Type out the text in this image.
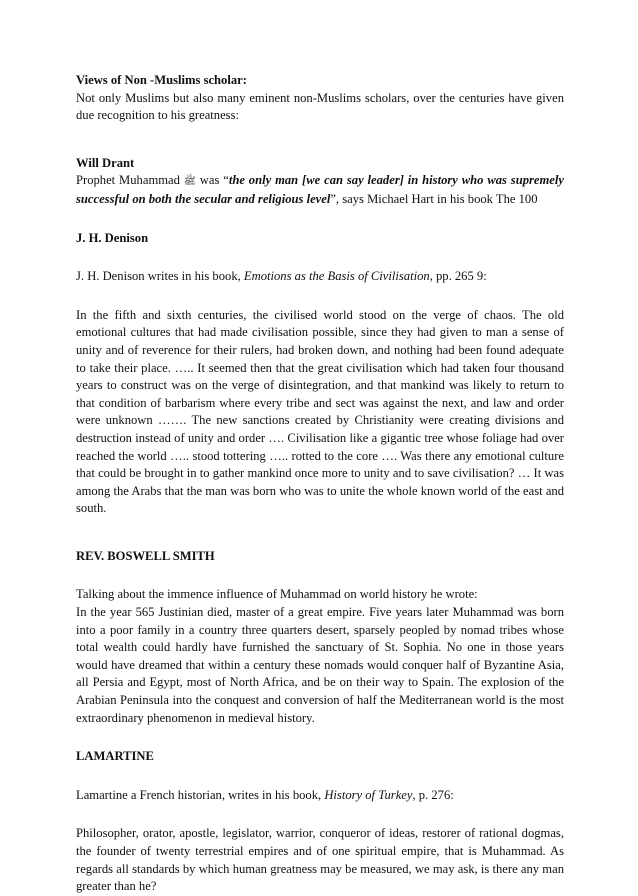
Views of Non -Muslims scholar:

Not only Muslims but also many eminent non-Muslims scholars, over the centuries have given due recognition to his greatness:

Will Drant

Prophet Muhammad ﷺ was “the only man [we can say leader] in history who was supremely successful on both the secular and religious level”, says Michael Hart in his book The 100

J. H. Denison

J. H. Denison writes in his book, Emotions as the Basis of Civilisation, pp. 265 9:

In the fifth and sixth centuries, the civilised world stood on the verge of chaos. The old emotional cultures that had made civilisation possible, since they had given to man a sense of unity and of reverence for their rulers, had broken down, and nothing had been found adequate to take their place. ….. It seemed then that the great civilisation which had taken four thousand years to construct was on the verge of disintegration, and that mankind was likely to return to that condition of barbarism where every tribe and sect was against the next, and law and order were unknown ……. The new sanctions created by Christianity were creating divisions and destruction instead of unity and order …. Civilisation like a gigantic tree whose foliage had over reached the world ….. stood tottering ….. rotted to the core …. Was there any emotional culture that could be brought in to gather mankind once more to unity and to save civilisation? … It was among the Arabs that the man was born who was to unite the whole known world of the east and south.

REV. BOSWELL SMITH

Talking about the immence influence of Muhammad on world history he wrote:

In the year 565 Justinian died, master of a great empire. Five years later Muhammad was born into a poor family in a country three quarters desert, sparsely peopled by nomad tribes whose total wealth could hardly have furnished the sanctuary of St. Sophia. No one in those years would have dreamed that within a century these nomads would conquer half of Byzantine Asia, all Persia and Egypt, most of North Africa, and be on their way to Spain. The explosion of the Arabian Peninsula into the conquest and conversion of half the Mediterranean world is the most extraordinary phenomenon in medieval history.

LAMARTINE

Lamartine a French historian, writes in his book, History of Turkey, p. 276:

Philosopher, orator, apostle, legislator, warrior, conqueror of ideas, restorer of rational dogmas, the founder of twenty terrestrial empires and of one spiritual empire, that is Muhammad. As regards all standards by which human greatness may be measured, we may ask, is there any man greater than he?
